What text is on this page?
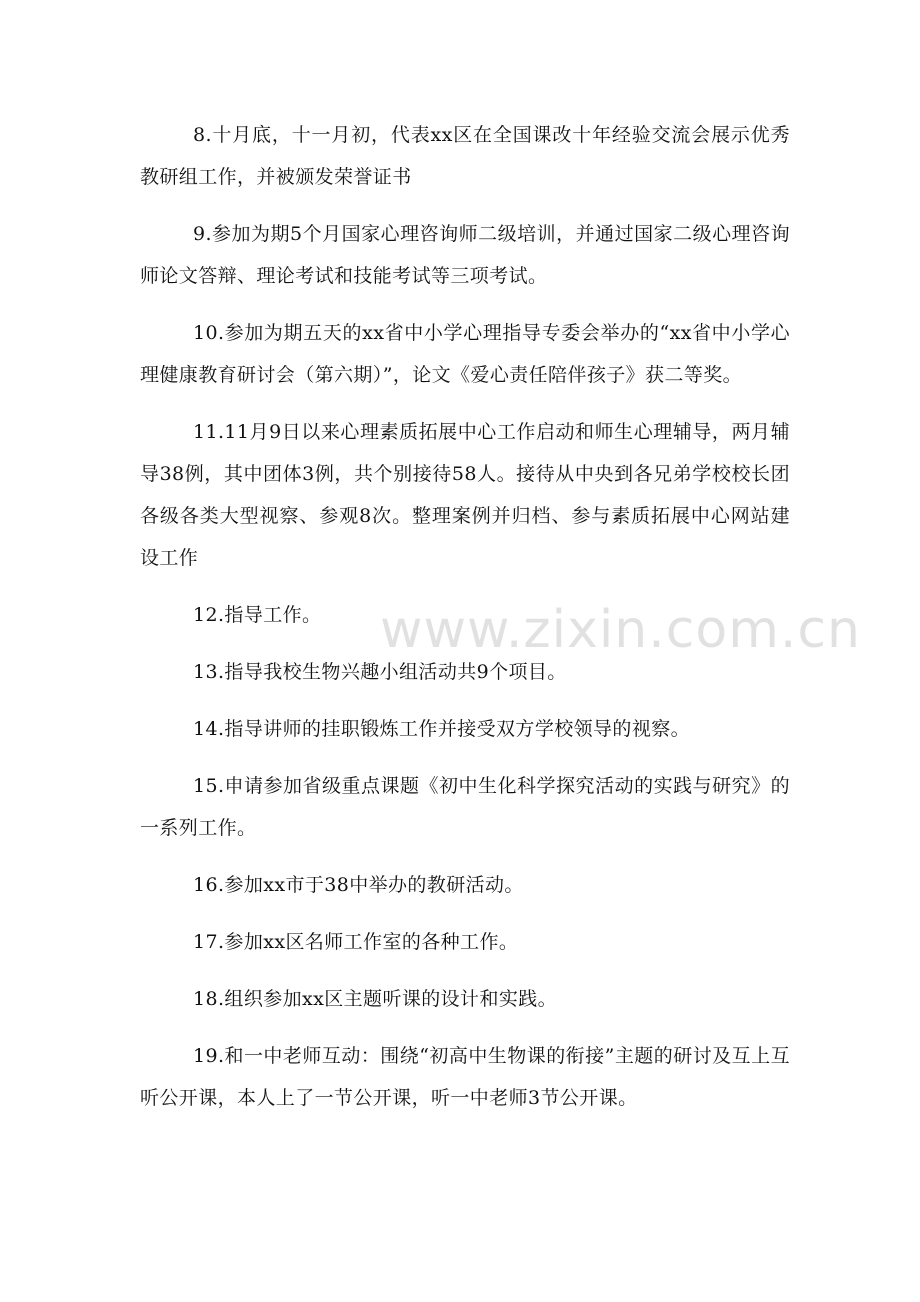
8.十月底，十一月初，代表xx区在全国课改十年经验交流会展示优秀教研组工作，并被颁发荣誉证书

9.参加为期5个月国家心理咨询师二级培训，并通过国家二级心理咨询师论文答辩、理论考试和技能考试等三项考试。

10.参加为期五天的xx省中小学心理指导专委会举办的“xx省中小学心理健康教育研讨会（第六期）”，论文《爱心责任陪伴孩子》获二等奖。

11.11月9日以来心理素质拓展中心工作启动和师生心理辅导，两月辅导38例，其中团体3例，共个别接待58人。接待从中央到各兄弟学校校长团各级各类大型视察、参观8次。整理案例并归档、参与素质拓展中心网站建设工作

12.指导工作。

13.指导我校生物兴趣小组活动共9个项目。

14.指导讲师的挂职锻炼工作并接受双方学校领导的视察。

15.申请参加省级重点课题《初中生化科学探究活动的实践与研究》的一系列工作。

16.参加xx市于38中举办的教研活动。

17.参加xx区名师工作室的各种工作。

18.组织参加xx区主题听课的设计和实践。

19.和一中老师互动：围绕“初高中生物课的衔接”主题的研讨及互上互听公开课，本人上了一节公开课，听一中老师3节公开课。

www.zixin.com.cn
